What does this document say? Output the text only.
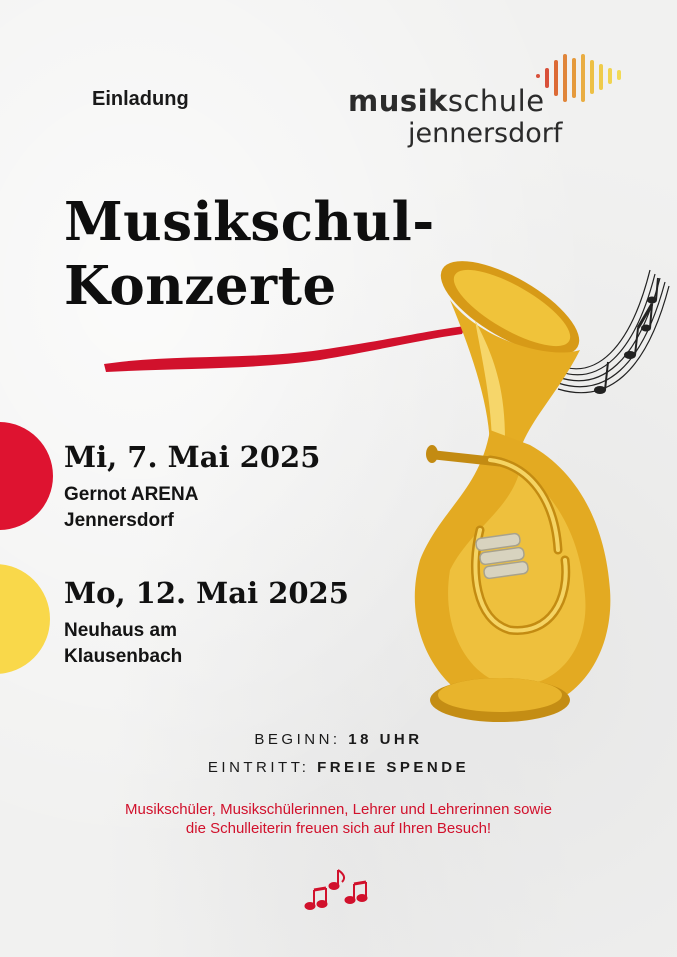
Einladung	musikschule
jennersdorf
Musikschul-
Konzerte
Mi, 7. Mai 2025
Gernot ARENA
Jennersdorf
Mo, 12. Mai 2025
Neuhaus am
Klausenbach
BEGINN: 18 UHR
EINTRITT: FREIE SPENDE
Musikschüler, Musikschülerinnen, Lehrer und Lehrerinnen sowie die Schulleiterin freuen sich auf Ihren Besuch!
